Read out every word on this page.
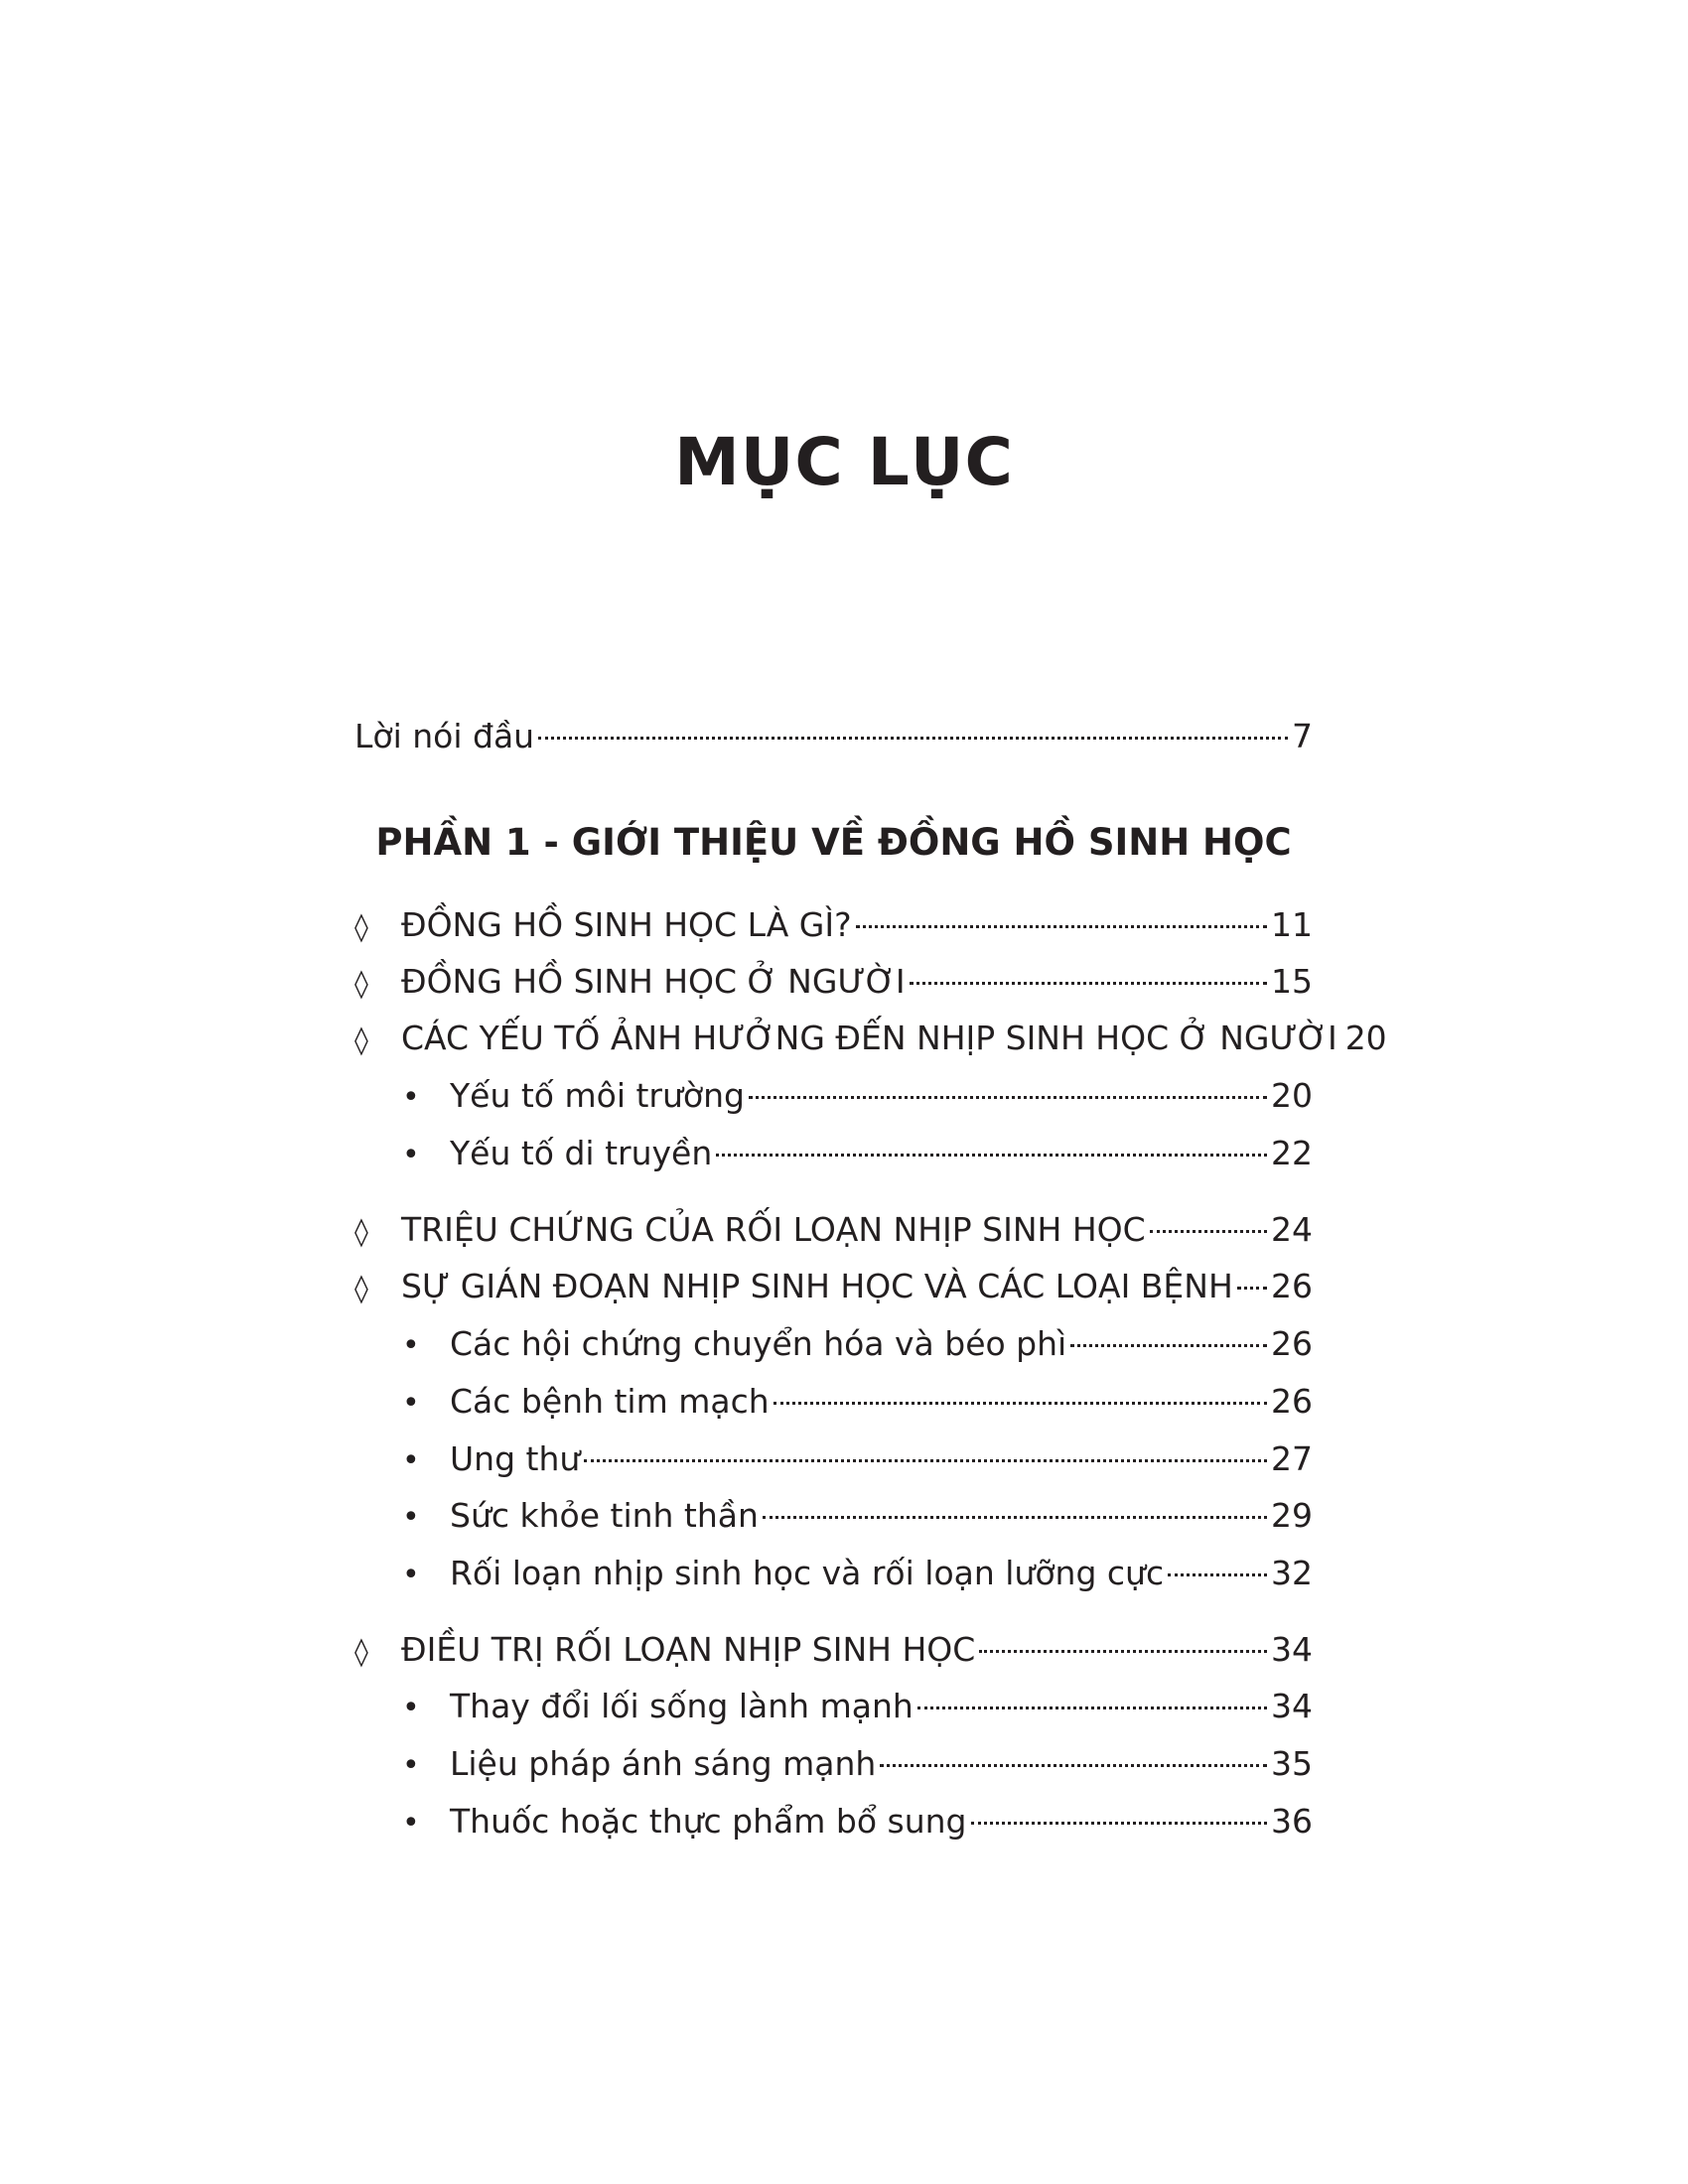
MỤC LỤC
Lời nói đầu	7
PHẦN 1 - GIỚI THIỆU VỀ ĐỒNG HỒ SINH HỌC
◊	ĐỒNG HỒ SINH HỌC LÀ GÌ?	11
◊	ĐỒNG HỒ SINH HỌC Ở NGƯỜI	15
◊	CÁC YẾU TỐ ẢNH HƯỞNG ĐẾN NHỊP SINH HỌC Ở NGƯỜI 20
• Yếu tố môi trường	20
• Yếu tố di truyền	22
◊	TRIỆU CHỨNG CỦA RỐI LOẠN NHỊP SINH HỌC	24
◊	SỰ GIÁN ĐOẠN NHỊP SINH HỌC VÀ CÁC LOẠI BỆNH 26
• Các hội chứng chuyển hóa và béo phì	26
• Các bệnh tim mạch	26
• Ung thư	27
• Sức khỏe tinh thần	29
• Rối loạn nhịp sinh học và rối loạn lưỡng cực	32
◊	ĐIỀU TRỊ RỐI LOẠN NHỊP SINH HỌC	34
• Thay đổi lối sống lành mạnh	34
• Liệu pháp ánh sáng mạnh	35
• Thuốc hoặc thực phẩm bổ sung	36
